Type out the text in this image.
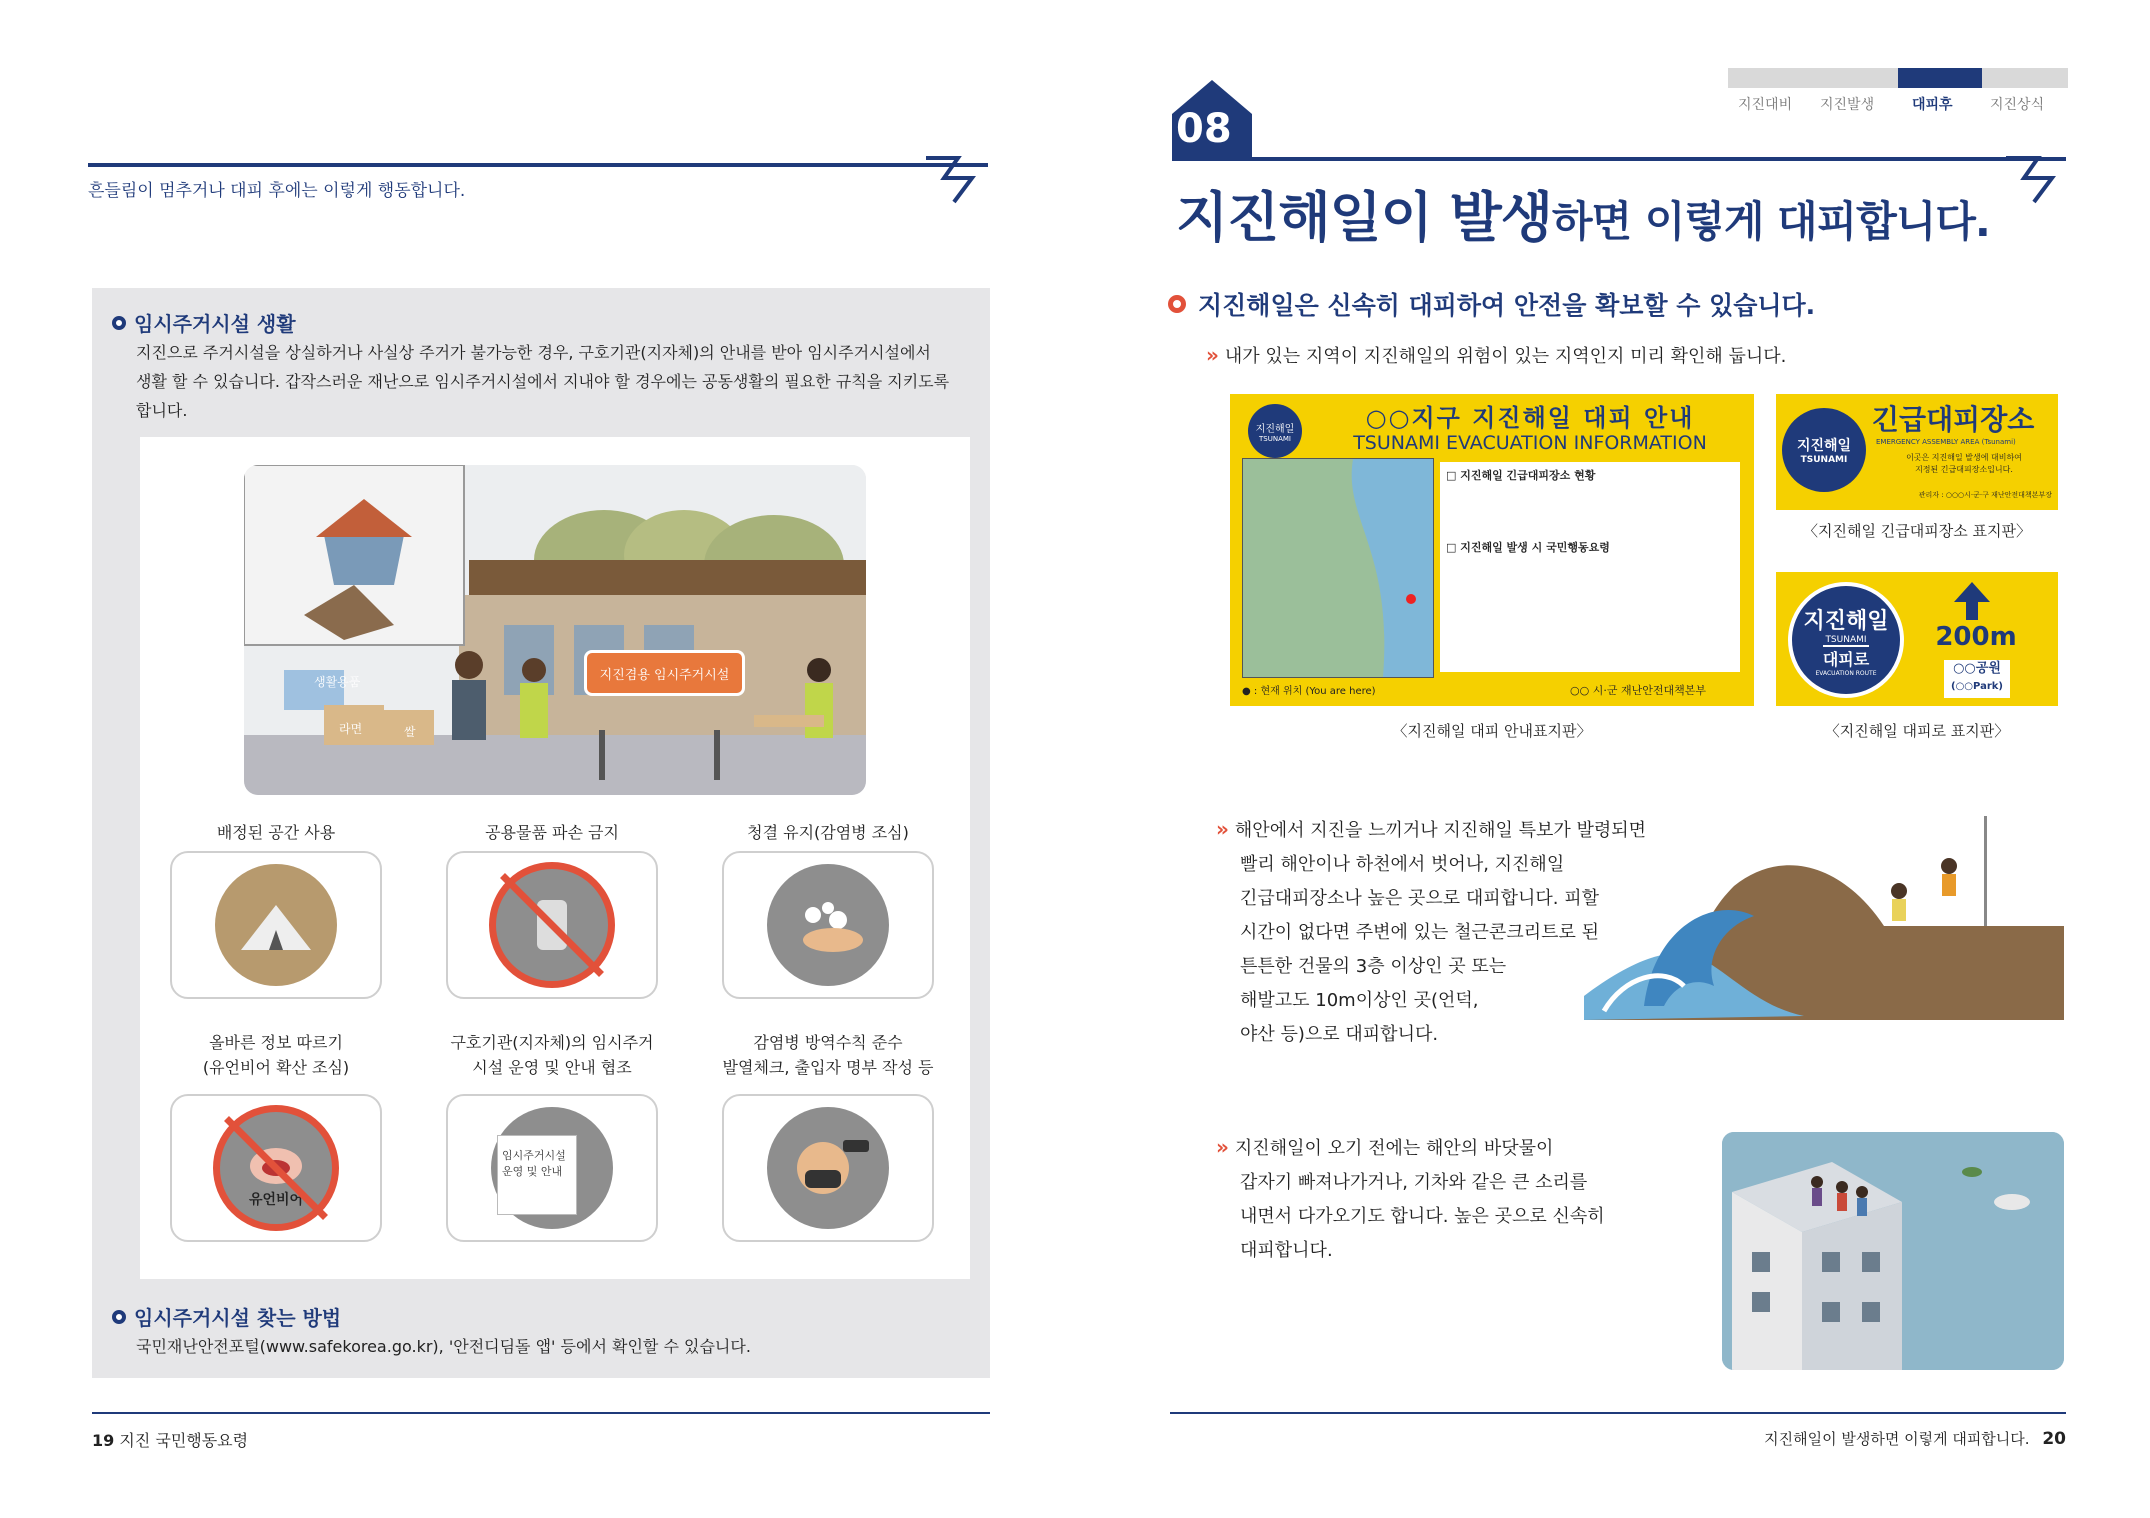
흔들림이 멈추거나 대피 후에는 이렇게 행동합니다.
임시주거시설 생활
지진으로 주거시설을 상실하거나 사실상 주거가 불가능한 경우, 구호기관(지자체)의 안내를 받아 임시주거시설에서
생활 할 수 있습니다. 갑작스러운 재난으로 임시주거시설에서 지내야 할 경우에는 공동생활의 필요한 규칙을 지키도록
합니다.
지진겸용 임시주거시설
생활용품
라면	쌀
배정된 공간 사용	공용물품 파손 금지	청결 유지(감염병 조심)
올바른 정보 따르기
(유언비어 확산 조심)
구호기관(지자체)의 임시주거
시설 운영 및 안내 협조
감염병 방역수칙 준수
발열체크, 출입자 명부 작성 등
유언비어
임시주거시설 운영 및 안내
임시주거시설 찾는 방법
국민재난안전포털(www.safekorea.go.kr), '안전디딤돌 앱' 등에서 확인할 수 있습니다.
19 지진 국민행동요령
지진대비 지진발생	대피후	지진상식
08
지진해일이 발생하면 이렇게 대피합니다.
지진해일은 신속히 대피하여 안전을 확보할 수 있습니다.
» 내가 있는 지역이 지진해일의 위험이 있는 지역인지 미리 확인해 둡니다.
지진해일
TSUNAMI
○○지구 지진해일 대피 안내
TSUNAMI EVACUATION INFORMATION
□ 지진해일 긴급대피장소 현황
□ 지진해일 발생 시 국민행동요령
● : 현재 위치 (You are here)	○○ 시·군 재난안전대책본부
〈지진해일 대피 안내표지판〉
지진해일
TSUNAMI
긴급대피장소
EMERGENCY ASSEMBLY AREA (Tsunami)
이곳은 지진해일 발생에 대비하여
지정된 긴급대피장소입니다.
관리자 : ○○○시·군·구 재난안전대책본부장
〈지진해일 긴급대피장소 표지판〉
지진해일
TSUNAMI
대피로
EVACUATION ROUTE
200m
○○공원
(○○Park)
〈지진해일 대피로 표지판〉
» 해안에서 지진을 느끼거나 지진해일 특보가 발령되면
빨리 해안이나 하천에서 벗어나, 지진해일
긴급대피장소나 높은 곳으로 대피합니다. 피할
시간이 없다면 주변에 있는 철근콘크리트로 된
튼튼한 건물의 3층 이상인 곳 또는
해발고도 10m이상인 곳(언덕,
야산 등)으로 대피합니다.
» 지진해일이 오기 전에는 해안의 바닷물이
갑자기 빠져나가거나, 기차와 같은 큰 소리를
내면서 다가오기도 합니다. 높은 곳으로 신속히
대피합니다.
지진해일이 발생하면 이렇게 대피합니다. 20
